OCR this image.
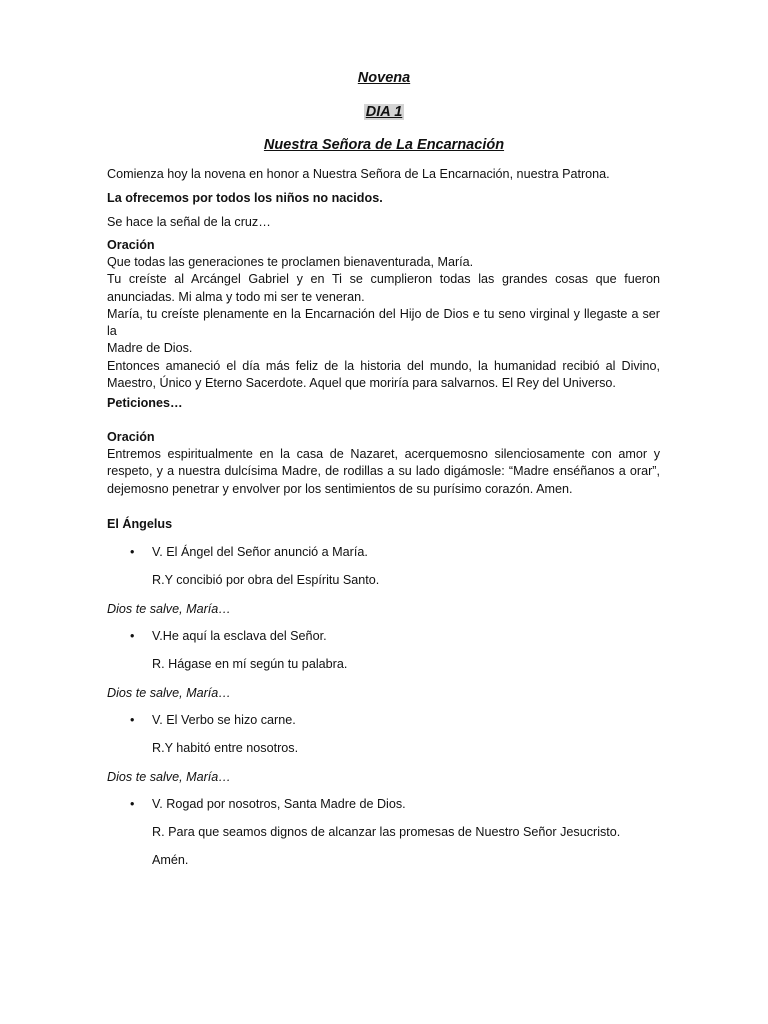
Novena
DIA 1
Nuestra Señora de La Encarnación
Comienza hoy la novena en honor a Nuestra Señora de La Encarnación, nuestra Patrona.
La ofrecemos por todos los niños no nacidos.
Se hace la señal de la cruz…
Oración
Que todas las generaciones te proclamen bienaventurada, María.
Tu creíste al Arcángel Gabriel y en Ti se cumplieron todas las grandes cosas que fueron
anunciadas. Mi alma y todo mi ser te veneran.
María, tu creíste plenamente en la Encarnación del Hijo de Dios e tu seno virginal y llegaste a ser la
Madre de Dios.
Entonces amaneció el día más feliz de la historia del mundo, la humanidad recibió al Divino,
Maestro, Único y Eterno Sacerdote. Aquel que moriría para salvarnos. El Rey del Universo.
Peticiones…
Oración
Entremos espiritualmente en la casa de Nazaret, acerquemosno silenciosamente con amor y
respeto, y a nuestra dulcísima Madre, de rodillas a su lado digámosle: “Madre enséñanos a orar”,
dejemosno penetrar y envolver por los sentimientos de su purísimo corazón. Amen.
El Ángelus
• V. El Ángel del Señor anunció a María.
R.Y concibió por obra del Espíritu Santo.
Dios te salve, María…
• V.He aquí la esclava del Señor.
R. Hágase en mí según tu palabra.
Dios te salve, María…
• V. El Verbo se hizo carne.
R.Y habitó entre nosotros.
Dios te salve, María…
• V. Rogad por nosotros, Santa Madre de Dios.
R. Para que seamos dignos de alcanzar las promesas de Nuestro Señor Jesucristo.
Amén.
